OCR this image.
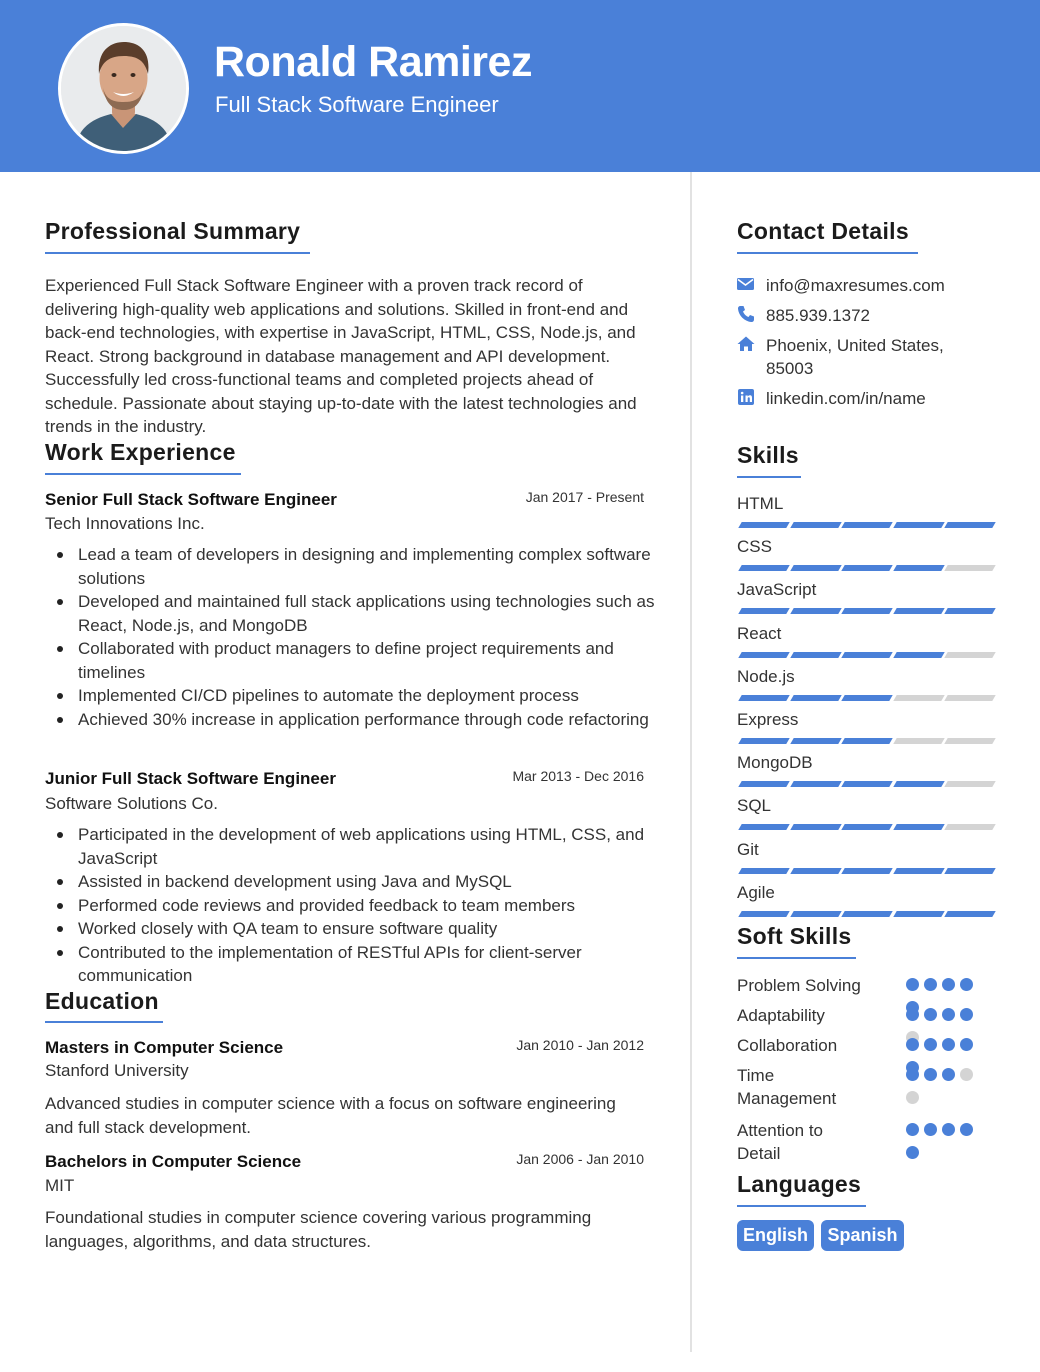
Ronald Ramirez
Full Stack Software Engineer
Professional Summary
Experienced Full Stack Software Engineer with a proven track record of delivering high-quality web applications and solutions. Skilled in front-end and back-end technologies, with expertise in JavaScript, HTML, CSS, Node.js, and React. Strong background in database management and API development. Successfully led cross-functional teams and completed projects ahead of schedule. Passionate about staying up-to-date with the latest technologies and trends in the industry.
Work Experience
Senior Full Stack Software Engineer	Jan 2017 - Present
Tech Innovations Inc.
Lead a team of developers in designing and implementing complex software solutions
Developed and maintained full stack applications using technologies such as React, Node.js, and MongoDB
Collaborated with product managers to define project requirements and timelines
Implemented CI/CD pipelines to automate the deployment process
Achieved 30% increase in application performance through code refactoring
Junior Full Stack Software Engineer	Mar 2013 - Dec 2016
Software Solutions Co.
Participated in the development of web applications using HTML, CSS, and JavaScript
Assisted in backend development using Java and MySQL
Performed code reviews and provided feedback to team members
Worked closely with QA team to ensure software quality
Contributed to the implementation of RESTful APIs for client-server communication
Education
Masters in Computer Science	Jan 2010 - Jan 2012
Stanford University
Advanced studies in computer science with a focus on software engineering and full stack development.
Bachelors in Computer Science	Jan 2006 - Jan 2010
MIT
Foundational studies in computer science covering various programming languages, algorithms, and data structures.
Contact Details
info@maxresumes.com
885.939.1372
Phoenix, United States, 85003
linkedin.com/in/name
Skills
HTML
CSS
JavaScript
React
Node.js
Express
MongoDB
SQL
Git
Agile
Soft Skills
Problem Solving
Adaptability
Collaboration
Time Management
Attention to Detail
Languages
English	Spanish
